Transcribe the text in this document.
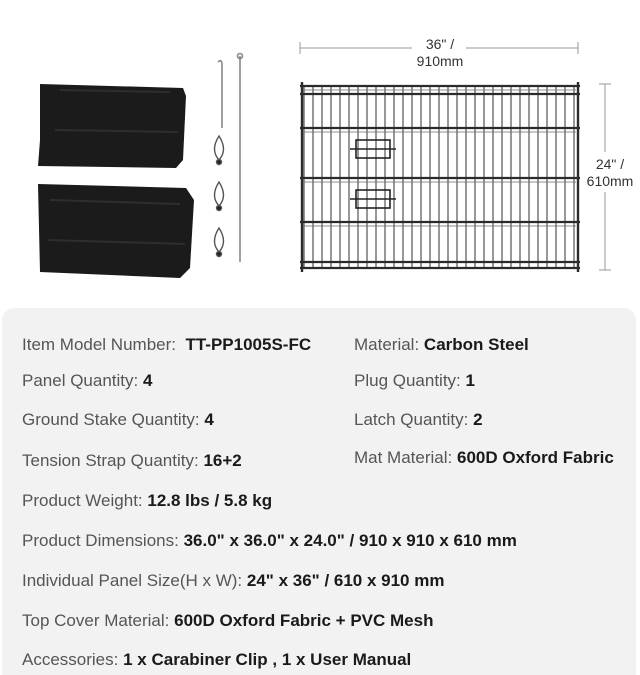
36" /
910mm
24" /
610mm
Item Model Number: TT-PP1005S-FC	Material: Carbon Steel
Panel Quantity: 4	Plug Quantity: 1
Ground Stake Quantity: 4	Latch Quantity: 2
Tension Strap Quantity: 16+2	Mat Material: 600D Oxford Fabric
Product Weight: 12.8 lbs / 5.8 kg
Product Dimensions: 36.0" x 36.0" x 24.0" / 910 x 910 x 610 mm
Individual Panel Size(H x W): 24" x 36" / 610 x 910 mm
Top Cover Material: 600D Oxford Fabric + PVC Mesh
Accessories: 1 x Carabiner Clip , 1 x User Manual
